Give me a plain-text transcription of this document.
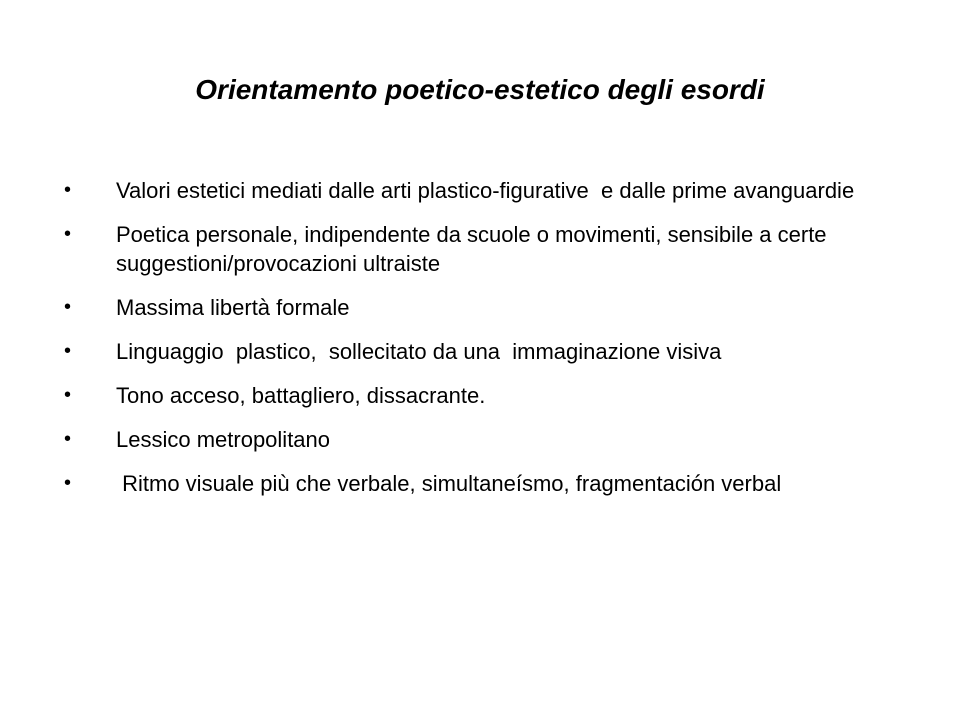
Orientamento poetico-estetico degli esordi
•	Valori estetici mediati dalle arti plastico-figurative  e dalle prime avanguardie
•	Poetica personale, indipendente da scuole o movimenti, sensibile a certe suggestioni/provocazioni ultraiste
•	Massima libertà formale
•	Linguaggio  plastico,  sollecitato da una  immaginazione visiva
•	Tono acceso, battagliero, dissacrante.
•	Lessico metropolitano
•	Ritmo visuale più che verbale, simultaneísmo, fragmentación verbal
